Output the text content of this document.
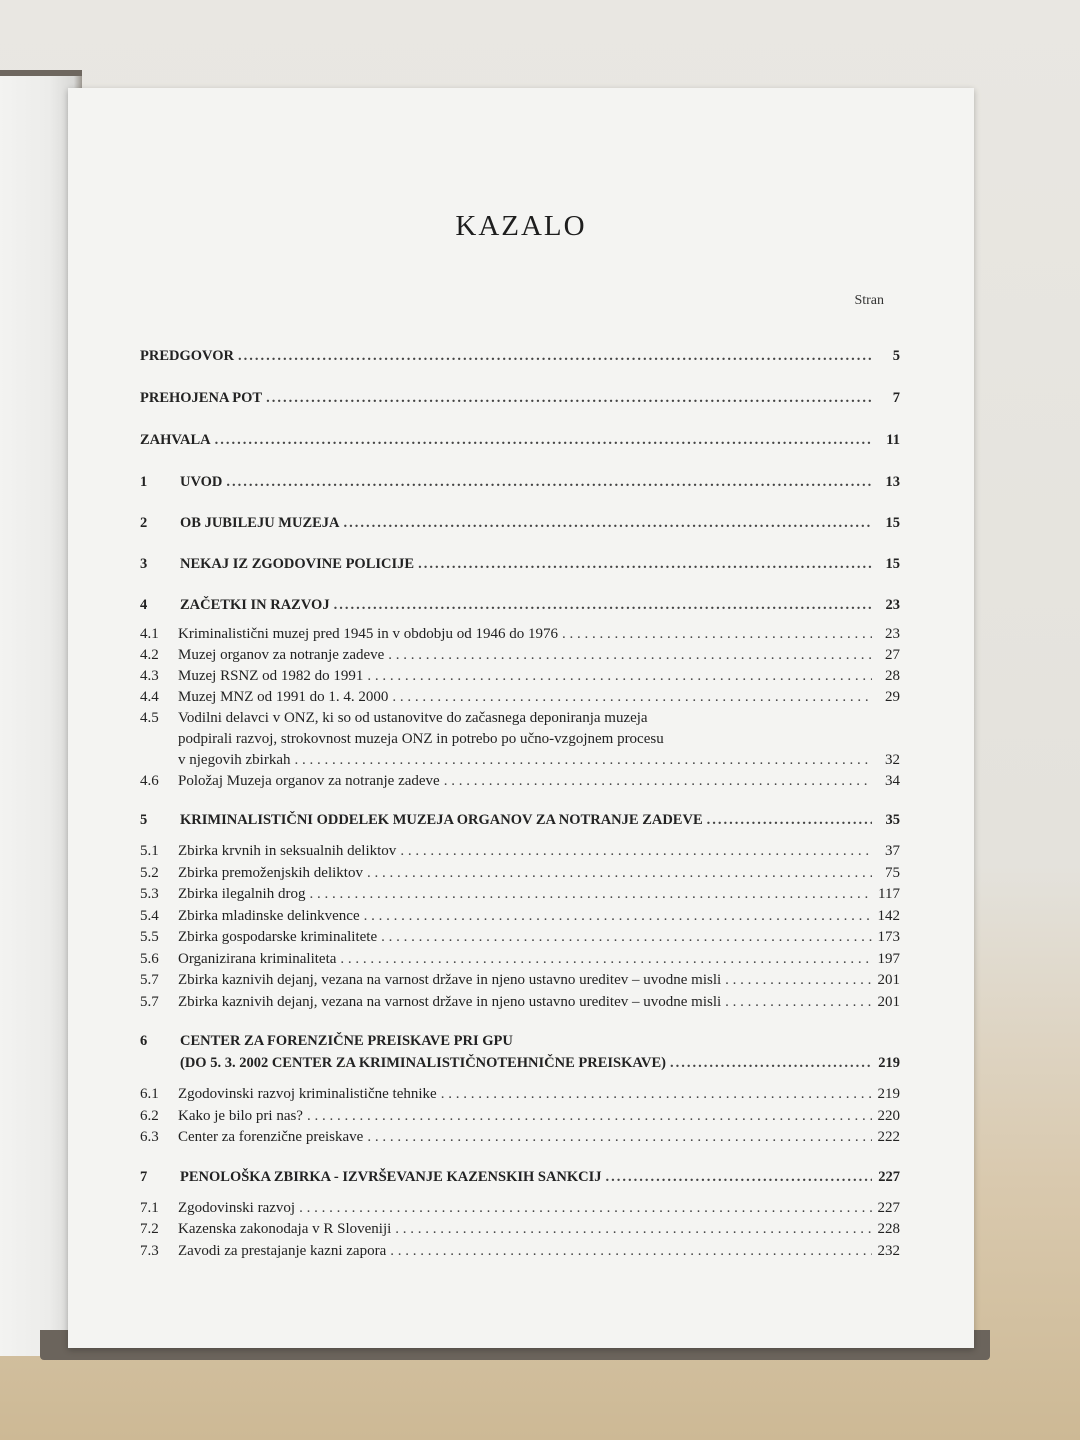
KAZALO
Stran
PREDGOVOR .....	5
PREHOJENA POT .....	7
ZAHVALA .....	11
1	UVOD .....	13
2	OB JUBILEJU MUZEJA .....	15
3	NEKAJ IZ ZGODOVINE POLICIJE .....	15
4	ZAČETKI IN RAZVOJ .....	23
4.1	Kriminalistični muzej pred 1945 in v obdobju od 1946 do 1976 . . .	23
4.2	Muzej organov za notranje zadeve . . .	27
4.3	Muzej RSNZ od 1982 do 1991 . . .	28
4.4	Muzej MNZ od 1991 do 1. 4. 2000 . . .	29
4.5	Vodilni delavci v ONZ, ki so od ustanovitve do začasnega deponiranja muzeja
podpirali razvoj, strokovnost muzeja ONZ in potrebo po učno-vzgojnem procesu
v njegovih zbirkah . . .	32
4.6	Položaj Muzeja organov za notranje zadeve . . .	34
5	KRIMINALISTIČNI ODDELEK MUZEJA ORGANOV ZA NOTRANJE ZADEVE .....	35
5.1	Zbirka krvnih in seksualnih deliktov . . .	37
5.2	Zbirka premoženjskih deliktov . . .	75
5.3	Zbirka ilegalnih drog . . .	117
5.4	Zbirka mladinske delinkvence . . .	142
5.5	Zbirka gospodarske kriminalitete . . .	173
5.6	Organizirana kriminaliteta . . .	197
5.7	Zbirka kaznivih dejanj, vezana na varnost države in njeno ustavno ureditev – uvodne misli . . .	201
5.7	Zbirka kaznivih dejanj, vezana na varnost države in njeno ustavno ureditev – uvodne misli . . .	201
6	CENTER ZA FORENZIČNE PREISKAVE PRI GPU
(DO 5. 3. 2002 CENTER ZA KRIMINALISTIČNOTEHNIČNE PREISKAVE) .....	219
6.1	Zgodovinski razvoj kriminalistične tehnike . . .	219
6.2	Kako je bilo pri nas? . . .	220
6.3	Center za forenzične preiskave . . .	222
7	PENOLOŠKA ZBIRKA - IZVRŠEVANJE KAZENSKIH SANKCIJ .....	227
7.1	Zgodovinski razvoj . . .	227
7.2	Kazenska zakonodaja v R Sloveniji . . .	228
7.3	Zavodi za prestajanje kazni zapora . . .	232
